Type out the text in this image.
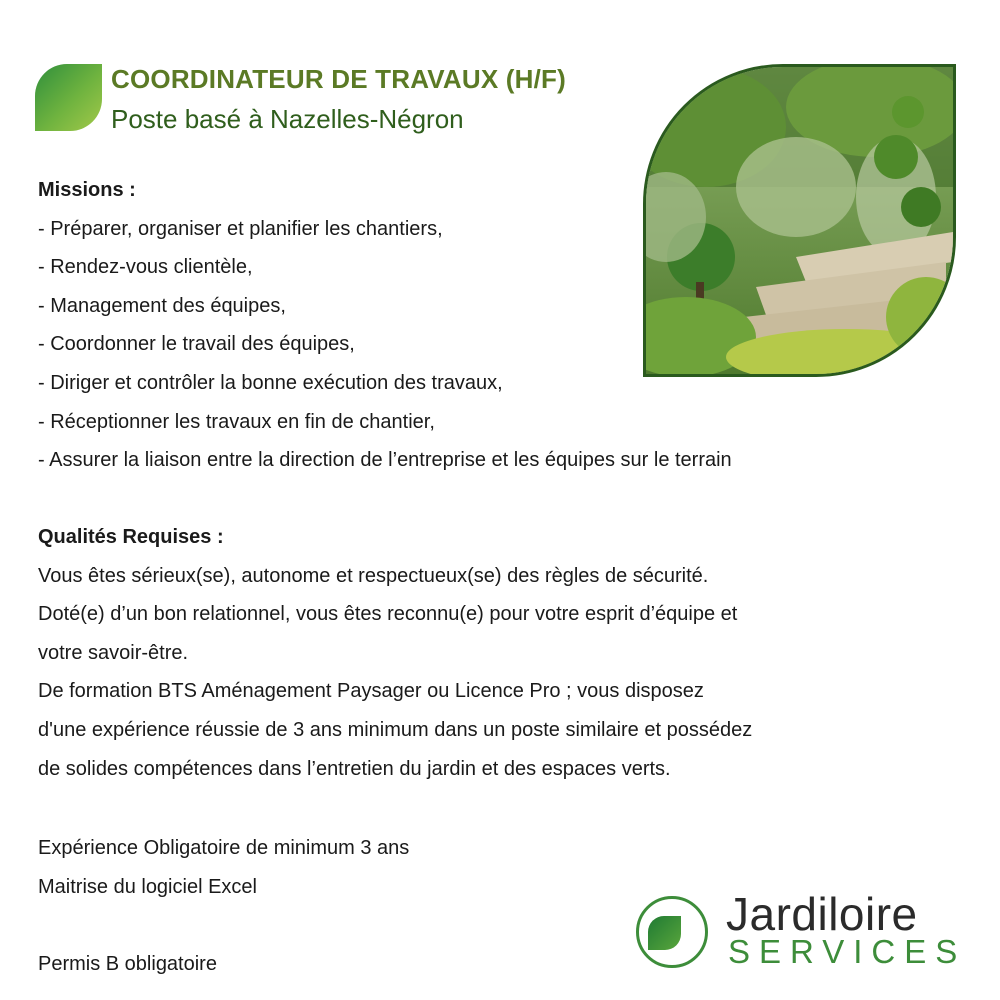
COORDINATEUR DE TRAVAUX (H/F)
Poste basé à Nazelles-Négron
Missions :
- Préparer, organiser et planifier les chantiers,
- Rendez-vous clientèle,
- Management des équipes,
- Coordonner le travail des équipes,
- Diriger et contrôler la bonne exécution des travaux,
- Réceptionner les travaux en fin de chantier,
- Assurer la liaison entre la direction de l’entreprise et les équipes sur le terrain
Qualités Requises :
Vous êtes sérieux(se), autonome et respectueux(se) des règles de sécurité.
Doté(e) d’un bon relationnel, vous êtes reconnu(e) pour votre esprit d’équipe et
votre savoir-être.
De formation BTS Aménagement Paysager ou Licence Pro ; vous disposez
d'une expérience réussie de 3 ans minimum dans un poste similaire et possédez
de solides compétences dans l’entretien du jardin et des espaces verts.
Expérience Obligatoire de minimum 3 ans
Maitrise du logiciel Excel
Permis B obligatoire
Jardiloire
SERVICES
